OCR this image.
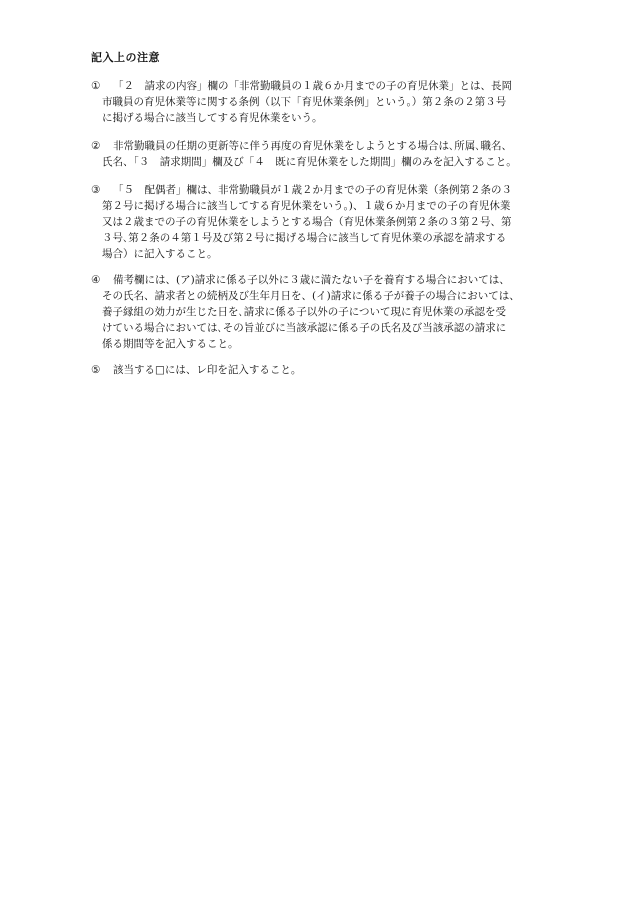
記入上の注意
①	「２　請求の内容」欄の「非常勤職員の１歳６か月までの子の育児休業」とは、長岡
市職員の育児休業等に関する条例（以下「育児休業条例」という。）第２条の２第３号
に掲げる場合に該当してする育児休業をいう。
②	非常勤職員の任期の更新等に伴う再度の育児休業をしようとする場合は､所属､職名、
氏名、「３　請求期間」欄及び「４　既に育児休業をした期間」欄のみを記入すること。
③	「５　配偶者」欄は、非常勤職員が１歳２か月までの子の育児休業（条例第２条の３
第２号に掲げる場合に該当してする育児休業をいう。)、１歳６か月までの子の育児休業
又は２歳までの子の育児休業をしようとする場合（育児休業条例第２条の３第２号、第
３号､第２条の４第１号及び第２号に掲げる場合に該当して育児休業の承認を請求する
場合）に記入すること。
④	備考欄には、(ア)請求に係る子以外に３歳に満たない子を養育する場合においては、
その氏名、請求者との続柄及び生年月日を、(イ)請求に係る子が養子の場合においては、
養子縁組の効力が生じた日を､請求に係る子以外の子について現に育児休業の承認を受
けている場合においては､その旨並びに当該承認に係る子の氏名及び当該承認の請求に
係る期間等を記入すること。
⑤	該当する□には、レ印を記入すること。
